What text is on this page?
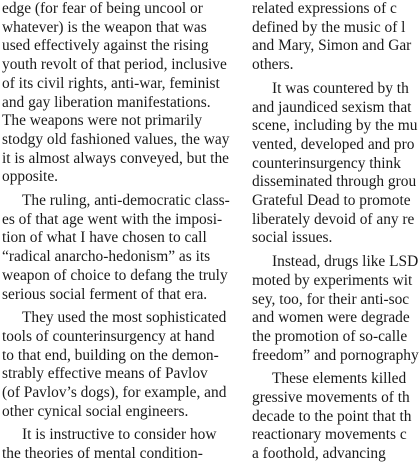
edge (for fear of being uncool or
whatever) is the weapon that was
used effectively against the rising
youth revolt of that period, inclusive
of its civil rights, anti-war, feminist
and gay liberation manifestations.
The weapons were not primarily
stodgy old fashioned values, the way
it is almost always conveyed, but the
opposite.
The ruling, anti-democratic class-
es of that age went with the imposi-
tion of what I have chosen to call
“radical anarcho-hedonism” as its
weapon of choice to defang the truly
serious social ferment of that era.
They used the most sophisticated
tools of counterinsurgency at hand
to that end, building on the demon-
strably effective means of Pavlov
(of Pavlov’s dogs), for example, and
other cynical social engineers.
It is instructive to consider how
the theories of mental condition-
related expressions of c
defined by the music of l
and Mary, Simon and Gar
others.
It was countered by th
and jaundiced sexism that
scene, including by the mu
vented, developed and pro
counterinsurgency think
disseminated through grou
Grateful Dead to promote
liberately devoid of any re
social issues.
Instead, drugs like LSD
moted by experiments wit
sey, too, for their anti-soc
and women were degrade
the promotion of so-calle
freedom” and pornography
These elements killed
gressive movements of th
decade to the point that th
reactionary movements c
a foothold, advancing
